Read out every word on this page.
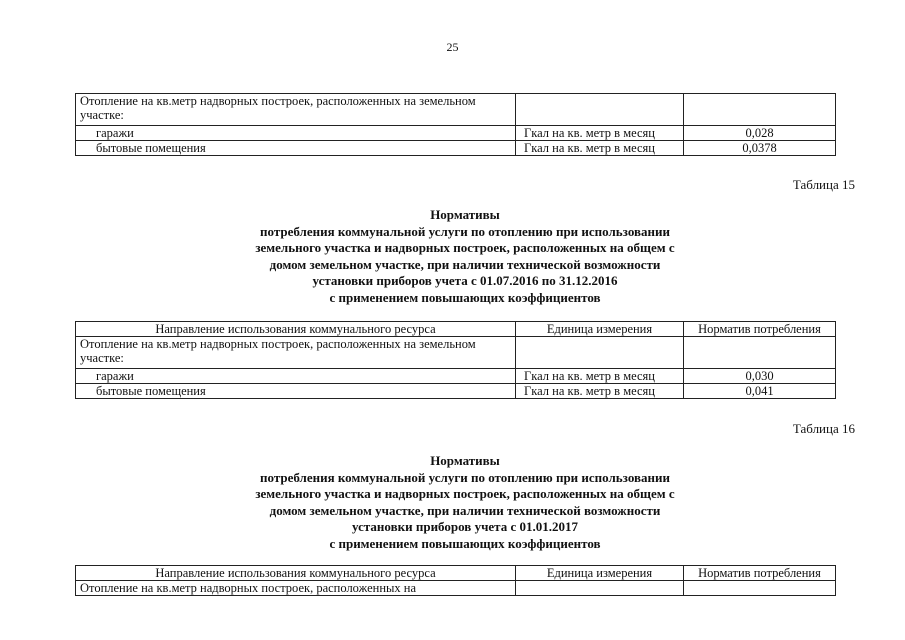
25
Отопление на кв.метр надворных построек, расположенных на земельном участке:		
гаражи	Гкал на кв. метр в месяц	0,028
бытовые помещения	Гкал на кв. метр в месяц	0,0378
Таблица 15
Нормативы
потребления коммунальной услуги по отоплению при использовании
земельного участка и надворных построек, расположенных на общем с
домом земельном участке, при наличии технической возможности
установки приборов учета с 01.07.2016 по 31.12.2016
с применением повышающих коэффициентов
Направление использования коммунального ресурса	Единица измерения	Норматив потребления
Отопление на кв.метр надворных построек, расположенных на земельном участке:		
гаражи	Гкал на кв. метр в месяц	0,030
бытовые помещения	Гкал на кв. метр в месяц	0,041
Таблица 16
Нормативы
потребления коммунальной услуги по отоплению при использовании
земельного участка и надворных построек, расположенных на общем с
домом земельном участке, при наличии технической возможности
установки приборов учета с 01.01.2017
с применением повышающих коэффициентов
Направление использования коммунального ресурса	Единица измерения	Норматив потребления
Отопление на кв.метр надворных построек, расположенных на		
